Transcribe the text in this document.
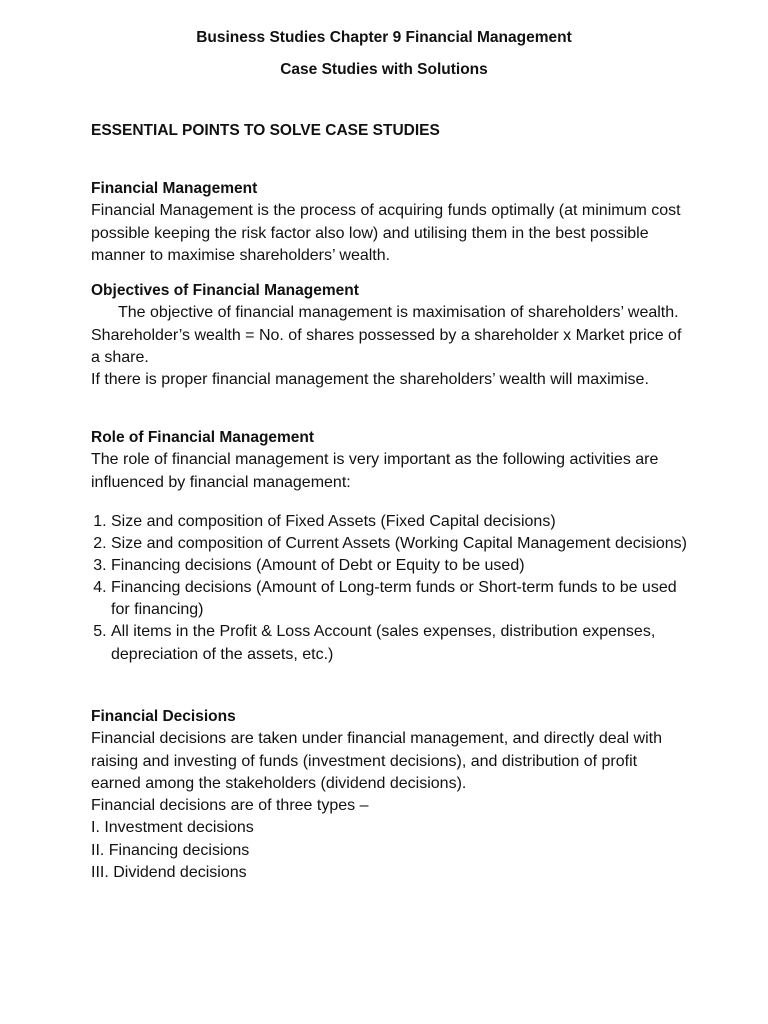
Business Studies Chapter 9 Financial Management
Case Studies with Solutions
ESSENTIAL POINTS TO SOLVE CASE STUDIES
Financial Management

Financial Management is the process of acquiring funds optimally (at minimum cost possible keeping the risk factor also low) and utilising them in the best possible manner to maximise shareholders’ wealth.

Objectives of Financial Management

The objective of financial management is maximisation of shareholders’ wealth.

Shareholder’s wealth = No. of shares possessed by a shareholder x Market price of a share.

If there is proper financial management the shareholders’ wealth will maximise.

Role of Financial Management

The role of financial management is very important as the following activities are influenced by financial management:

1. Size and composition of Fixed Assets (Fixed Capital decisions)
2. Size and composition of Current Assets (Working Capital Management decisions)
3. Financing decisions (Amount of Debt or Equity to be used)
4. Financing decisions (Amount of Long-term funds or Short-term funds to be used for financing)
5. All items in the Profit & Loss Account (sales expenses, distribution expenses, depreciation of the assets, etc.)
Financial Decisions

Financial decisions are taken under financial management, and directly deal with raising and investing of funds (investment decisions), and distribution of profit earned among the stakeholders (dividend decisions).

Financial decisions are of three types –

I. Investment decisions

II. Financing decisions

III. Dividend decisions
